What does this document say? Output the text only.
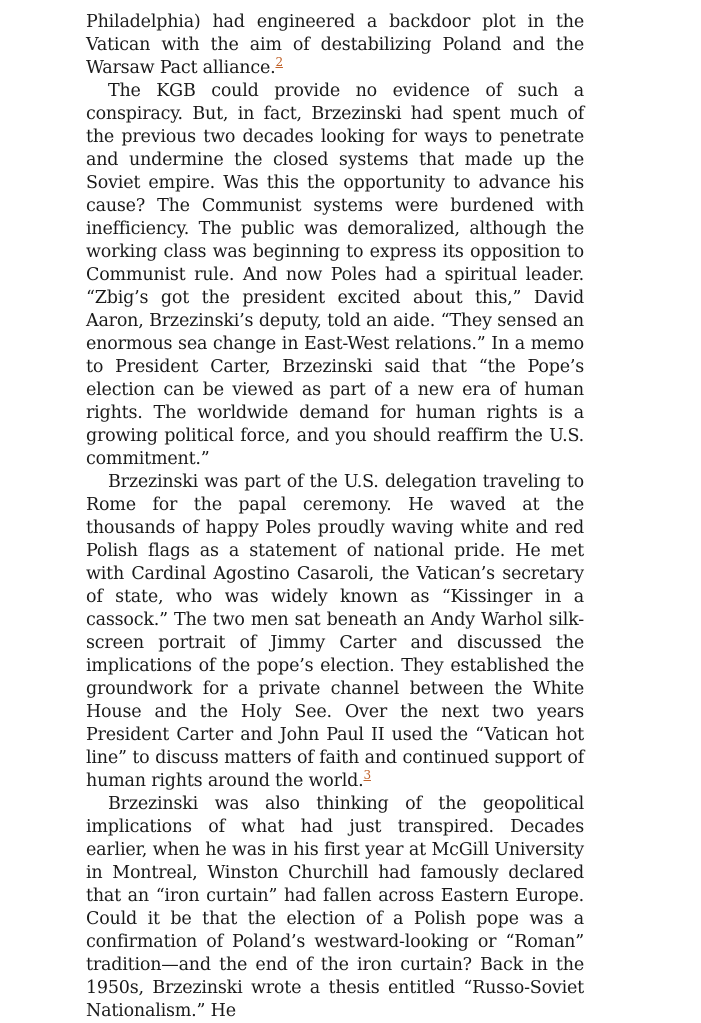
Philadelphia) had engineered a backdoor plot in the Vatican with the aim of destabilizing Poland and the Warsaw Pact alliance.$^2$

The KGB could provide no evidence of such a conspiracy. But, in fact, Brzezinski had spent much of the previous two decades looking for ways to penetrate and undermine the closed systems that made up the Soviet empire. Was this the opportunity to advance his cause? The Communist systems were burdened with inefficiency. The public was demoralized, although the working class was beginning to express its opposition to Communist rule. And now Poles had a spiritual leader. “Zbig’s got the president excited about this,” David Aaron, Brzezinski’s deputy, told an aide. “They sensed an enormous sea change in East-West relations.” In a memo to President Carter, Brzezinski said that “the Pope’s election can be viewed as part of a new era of human rights. The worldwide demand for human rights is a growing political force, and you should reaffirm the U.S. commitment.”

Brzezinski was part of the U.S. delegation traveling to Rome for the papal ceremony. He waved at the thousands of happy Poles proudly waving white and red Polish flags as a statement of national pride. He met with Cardinal Agostino Casaroli, the Vatican’s secretary of state, who was widely known as “Kissinger in a cassock.” The two men sat beneath an Andy Warhol silk-screen portrait of Jimmy Carter and discussed the implications of the pope’s election. They established the groundwork for a private channel between the White House and the Holy See. Over the next two years President Carter and John Paul II used the “Vatican hot line” to discuss matters of faith and continued support of human rights around the world.$^3$

Brzezinski was also thinking of the geopolitical implications of what had just transpired. Decades earlier, when he was in his first year at McGill University in Montreal, Winston Churchill had famously declared that an “iron curtain” had fallen across Eastern Europe. Could it be that the election of a Polish pope was a confirmation of Poland’s westward-looking or “Roman” tradition—and the end of the iron curtain? Back in the 1950s, Brzezinski wrote a thesis entitled “Russo-Soviet Nationalism.” He
